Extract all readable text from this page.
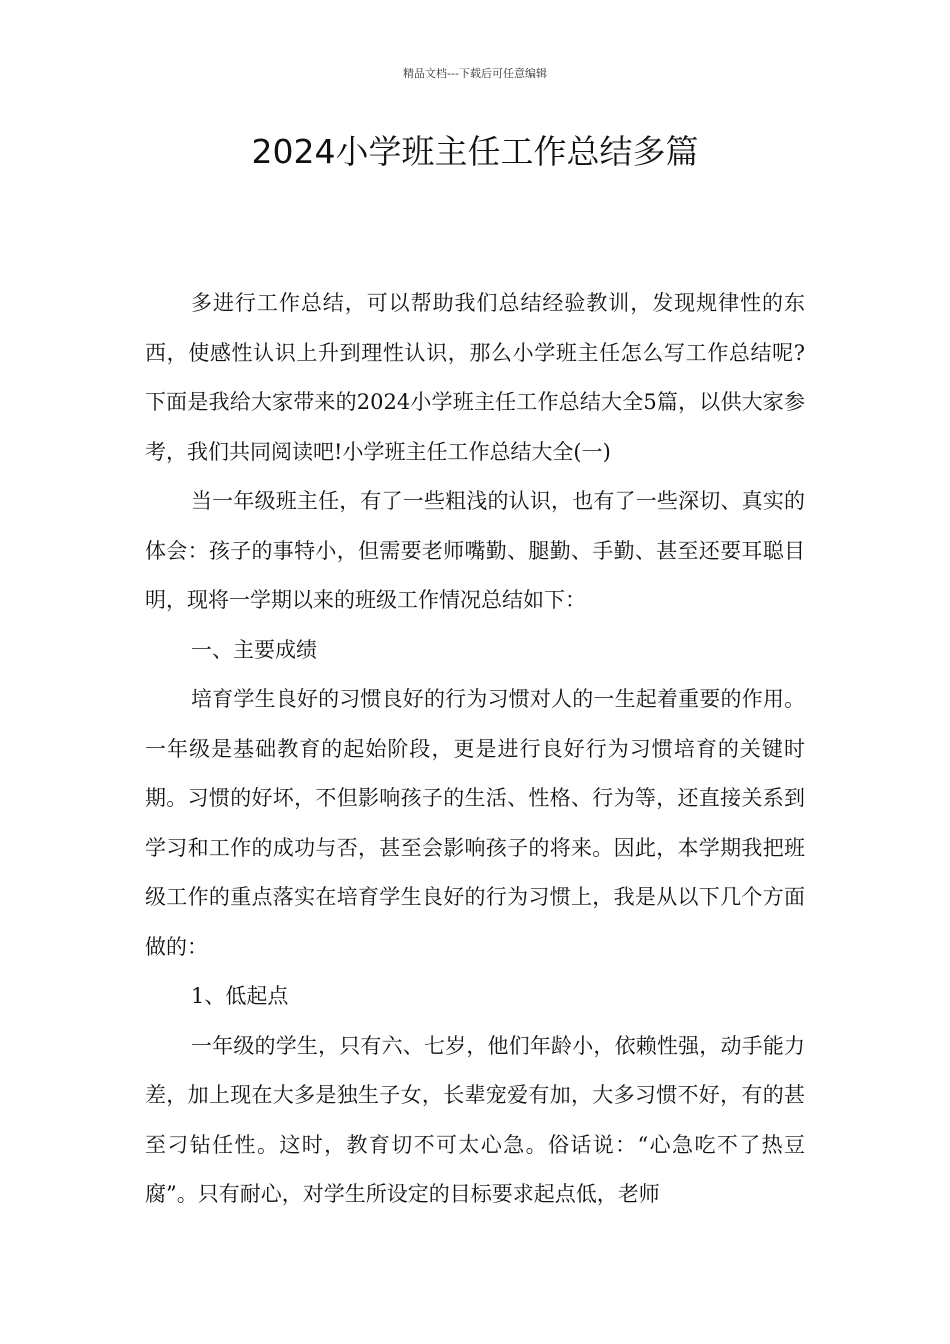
精品文档---下载后可任意编辑
2024小学班主任工作总结多篇

多进行工作总结，可以帮助我们总结经验教训，发现规律性的东西，使感性认识上升到理性认识，那么小学班主任怎么写工作总结呢?下面是我给大家带来的2024小学班主任工作总结大全5篇，以供大家参考，我们共同阅读吧!小学班主任工作总结大全(一)

当一年级班主任，有了一些粗浅的认识，也有了一些深切、真实的体会：孩子的事特小，但需要老师嘴勤、腿勤、手勤、甚至还要耳聪目明，现将一学期以来的班级工作情况总结如下：

一、主要成绩

培育学生良好的习惯良好的行为习惯对人的一生起着重要的作用。一年级是基础教育的起始阶段，更是进行良好行为习惯培育的关键时期。习惯的好坏，不但影响孩子的生活、性格、行为等，还直接关系到学习和工作的成功与否，甚至会影响孩子的将来。因此，本学期我把班级工作的重点落实在培育学生良好的行为习惯上，我是从以下几个方面做的：

1、低起点

一年级的学生，只有六、七岁，他们年龄小，依赖性强，动手能力差，加上现在大多是独生子女，长辈宠爱有加，大多习惯不好，有的甚至刁钻任性。这时，教育切不可太心急。俗话说：“心急吃不了热豆腐”。只有耐心，对学生所设定的目标要求起点低，老师
